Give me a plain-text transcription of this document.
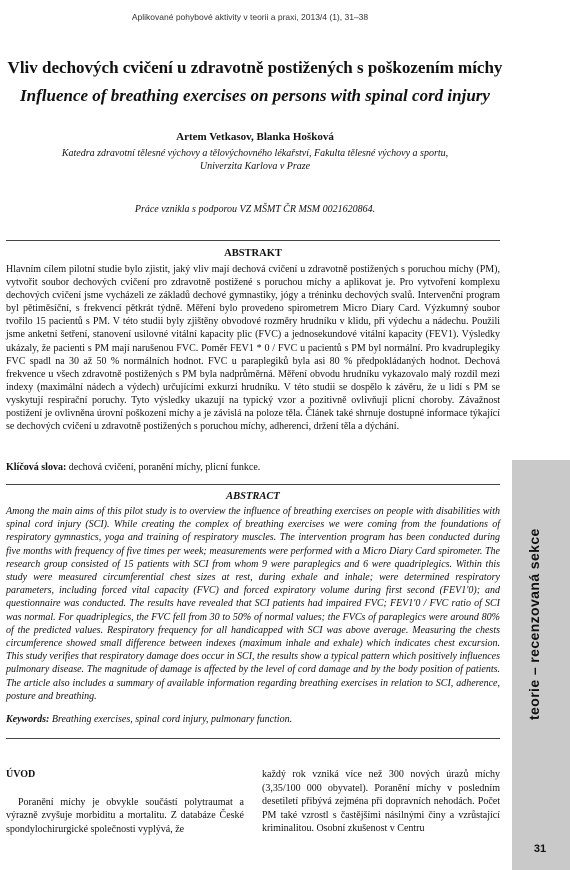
Aplikované pohybové aktivity v teorii a praxi, 2013/4 (1), 31–38
Vliv dechových cvičení u zdravotně postižených s poškozením míchy
Influence of breathing exercises on persons with spinal cord injury
Artem Vetkasov, Blanka Hošková
Katedra zdravotní tělesné výchovy a tělovýchovného lékařství, Fakulta tělesné výchovy a sportu, Univerzita Karlova v Praze
Práce vznikla s podporou VZ MŠMT ČR MSM 0021620864.
ABSTRAKT
Hlavním cílem pilotní studie bylo zjistit, jaký vliv mají dechová cvičení u zdravotně postižených s poruchou míchy (PM), vytvořit soubor dechových cvičení pro zdravotně postižené s poruchou míchy a aplikovat je. Pro vytvoření komplexu dechových cvičení jsme vycházeli ze základů dechové gymnastiky, jógy a tréninku dechových svalů. Intervenční program byl pětiměsíční, s frekvencí pětkrát týdně. Měření bylo provedeno spirometrem Micro Diary Card. Výzkumný soubor tvořilo 15 pacientů s PM. V této studii byly zjištěny obvodové rozměry hrudníku v klidu, při výdechu a nádechu. Použili jsme anketní šetření, stanovení usilovné vitální kapacity plic (FVC) a jednosekundové vitální kapacity (FEV1). Výsledky ukázaly, že pacienti s PM mají narušenou FVC. Poměr FEV1 * 0 / FVC u pacientů s PM byl normální. Pro kvadruplegiky FVC spadl na 30 až 50 % normálních hodnot. FVC u paraplegiků byla asi 80 % předpokládaných hodnot. Dechová frekvence u všech zdravotně postižených s PM byla nadprůměrná. Měření obvodu hrudníku vykazovalo malý rozdíl mezi indexy (maximální nádech a výdech) určujícími exkurzi hrudníku. V této studii se dospělo k závěru, že u lidí s PM se vyskytují respirační poruchy. Tyto výsledky ukazují na typický vzor a pozitivně ovlivňují plicní choroby. Závažnost postižení je ovlivněna úrovní poškození míchy a je závislá na poloze těla. Článek také shrnuje dostupné informace týkající se dechových cvičení u zdravotně postižených s poruchou míchy, adherenci, držení těla a dýchání.
Klíčová slova: dechová cvičení, poranění míchy, plicní funkce.
ABSTRACT
Among the main aims of this pilot study is to overview the influence of breathing exercises on people with disabilities with spinal cord injury (SCI). While creating the complex of breathing exercises we were coming from the foundations of respiratory gymnastics, yoga and training of respiratory muscles. The intervention program has been conducted during five months with frequency of five times per week; measurements were performed with a Micro Diary Card spirometer. The research group consisted of 15 patients with SCI from whom 9 were paraplegics and 6 were quadriplegics. Within this study were measured circumferential chest sizes at rest, during exhale and inhale; were determined respiratory parameters, including forced vital capacity (FVC) and forced expiratory volume during first second (FEV1'0); and questionnaire was conducted. The results have revealed that SCI patients had impaired FVC; FEV1'0 / FVC ratio of SCI was normal. For quadriplegics, the FVC fell from 30 to 50% of normal values; the FVCs of paraplegics were around 80% of the predicted values. Respiratory frequency for all handicapped with SCI was above average. Measuring the chests circumference showed small difference between indexes (maximum inhale and exhale) which indicates chest excursion. This study verifies that respiratory damage does occur in SCI, the results show a typical pattern which positively influences pulmonary disease. The magnitude of damage is affected by the level of cord damage and by the body position of patients. The article also includes a summary of available information regarding breathing exercises in relation to SCI, adherence, posture and breathing.
Keywords: Breathing exercises, spinal cord injury, pulmonary function.
ÚVOD

Poranění míchy je obvykle součástí polytraumat a výrazně zvyšuje morbiditu a mortalitu. Z databáze České spondylochirurgické společnosti vyplývá, že

každý rok vzniká více než 300 nových úrazů míchy (3,35/100 000 obyvatel). Poranění míchy v posledním desetiletí přibývá zejména při dopravních nehodách. Počet PM také vzrostl s častějšími násilnými činy a vzrůstající kriminalitou. Osobní zkušenost v Centru

teorie – recenzovaná sekce
31
